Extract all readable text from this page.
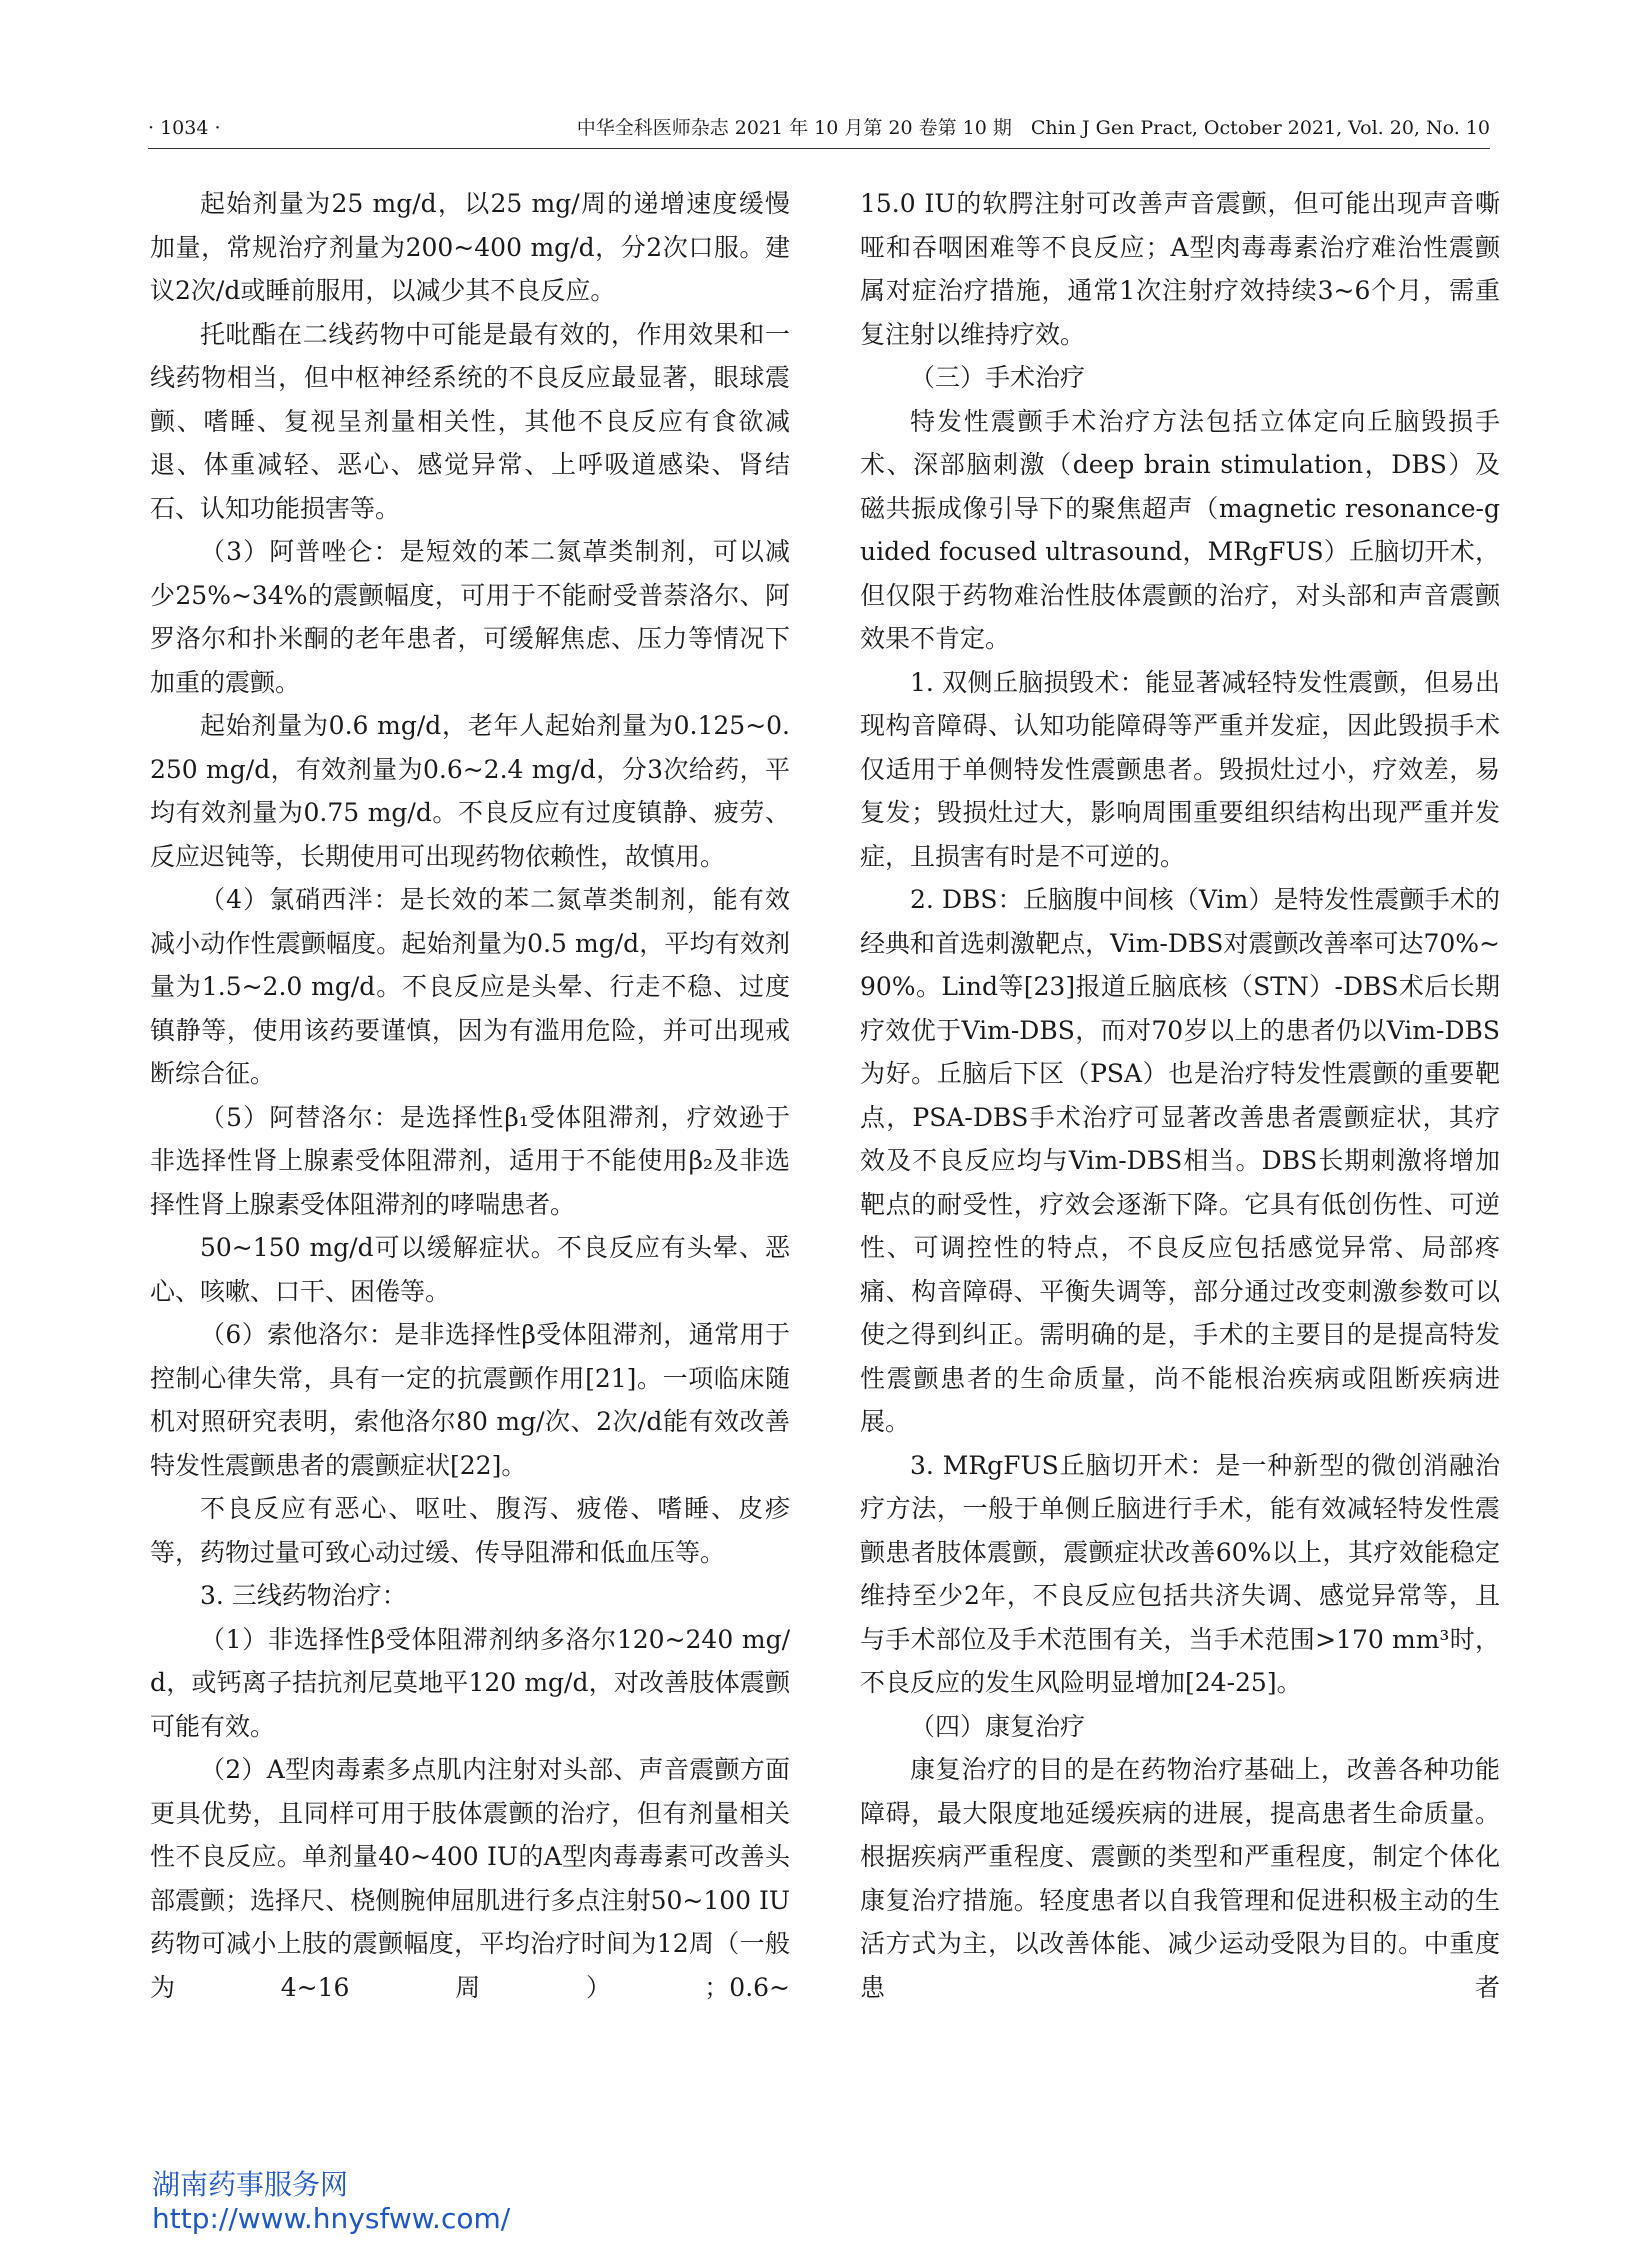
· 1034 ·	中华全科医师杂志 2021 年 10 月第 20 卷第 10 期　Chin J Gen Pract, October 2021, Vol. 20, No. 10

起始剂量为25 mg/d，以25 mg/周的递增速度缓慢加量，常规治疗剂量为200~400 mg/d，分2次口服。建议2次/d或睡前服用，以减少其不良反应。

托吡酯在二线药物中可能是最有效的，作用效果和一线药物相当，但中枢神经系统的不良反应最显著，眼球震颤、嗜睡、复视呈剂量相关性，其他不良反应有食欲减退、体重减轻、恶心、感觉异常、上呼吸道感染、肾结石、认知功能损害等。

（3）阿普唑仑：是短效的苯二氮䓬类制剂，可以减少25%~34%的震颤幅度，可用于不能耐受普萘洛尔、阿罗洛尔和扑米酮的老年患者，可缓解焦虑、压力等情况下加重的震颤。

起始剂量为0.6 mg/d，老年人起始剂量为0.125~0.250 mg/d，有效剂量为0.6~2.4 mg/d，分3次给药，平均有效剂量为0.75 mg/d。不良反应有过度镇静、疲劳、反应迟钝等，长期使用可出现药物依赖性，故慎用。

（4）氯硝西泮：是长效的苯二氮䓬类制剂，能有效减小动作性震颤幅度。起始剂量为0.5 mg/d，平均有效剂量为1.5~2.0 mg/d。不良反应是头晕、行走不稳、过度镇静等，使用该药要谨慎，因为有滥用危险，并可出现戒断综合征。

（5）阿替洛尔：是选择性β₁受体阻滞剂，疗效逊于非选择性肾上腺素受体阻滞剂，适用于不能使用β₂及非选择性肾上腺素受体阻滞剂的哮喘患者。

50~150 mg/d可以缓解症状。不良反应有头晕、恶心、咳嗽、口干、困倦等。

（6）索他洛尔：是非选择性β受体阻滞剂，通常用于控制心律失常，具有一定的抗震颤作用[21]。一项临床随机对照研究表明，索他洛尔80 mg/次、2次/d能有效改善特发性震颤患者的震颤症状[22]。

不良反应有恶心、呕吐、腹泻、疲倦、嗜睡、皮疹等，药物过量可致心动过缓、传导阻滞和低血压等。

3. 三线药物治疗：

（1）非选择性β受体阻滞剂纳多洛尔120~240 mg/d，或钙离子拮抗剂尼莫地平120 mg/d，对改善肢体震颤可能有效。

（2）A型肉毒素多点肌内注射对头部、声音震颤方面更具优势，且同样可用于肢体震颤的治疗，但有剂量相关性不良反应。单剂量40~400 IU的A型肉毒毒素可改善头部震颤；选择尺、桡侧腕伸屈肌进行多点注射50~100 IU药物可减小上肢的震颤幅度，平均治疗时间为12周（一般为4~16周）；0.6~

15.0 IU的软腭注射可改善声音震颤，但可能出现声音嘶哑和吞咽困难等不良反应；A型肉毒毒素治疗难治性震颤属对症治疗措施，通常1次注射疗效持续3~6个月，需重复注射以维持疗效。

（三）手术治疗

特发性震颤手术治疗方法包括立体定向丘脑毁损手术、深部脑刺激（deep brain stimulation，DBS）及磁共振成像引导下的聚焦超声（magnetic resonance-guided focused ultrasound，MRgFUS）丘脑切开术，但仅限于药物难治性肢体震颤的治疗，对头部和声音震颤效果不肯定。

1. 双侧丘脑损毁术：能显著减轻特发性震颤，但易出现构音障碍、认知功能障碍等严重并发症，因此毁损手术仅适用于单侧特发性震颤患者。毁损灶过小，疗效差，易复发；毁损灶过大，影响周围重要组织结构出现严重并发症，且损害有时是不可逆的。

2. DBS：丘脑腹中间核（Vim）是特发性震颤手术的经典和首选刺激靶点，Vim-DBS对震颤改善率可达70%~90%。Lind等[23]报道丘脑底核（STN）-DBS术后长期疗效优于Vim-DBS，而对70岁以上的患者仍以Vim-DBS为好。丘脑后下区（PSA）也是治疗特发性震颤的重要靶点，PSA-DBS手术治疗可显著改善患者震颤症状，其疗效及不良反应均与Vim-DBS相当。DBS长期刺激将增加靶点的耐受性，疗效会逐渐下降。它具有低创伤性、可逆性、可调控性的特点，不良反应包括感觉异常、局部疼痛、构音障碍、平衡失调等，部分通过改变刺激参数可以使之得到纠正。需明确的是，手术的主要目的是提高特发性震颤患者的生命质量，尚不能根治疾病或阻断疾病进展。

3. MRgFUS丘脑切开术：是一种新型的微创消融治疗方法，一般于单侧丘脑进行手术，能有效减轻特发性震颤患者肢体震颤，震颤症状改善60%以上，其疗效能稳定维持至少2年，不良反应包括共济失调、感觉异常等，且与手术部位及手术范围有关，当手术范围>170 mm³时，不良反应的发生风险明显增加[24-25]。

（四）康复治疗

康复治疗的目的是在药物治疗基础上，改善各种功能障碍，最大限度地延缓疾病的进展，提高患者生命质量。根据疾病严重程度、震颤的类型和严重程度，制定个体化康复治疗措施。轻度患者以自我管理和促进积极主动的生活方式为主，以改善体能、减少运动受限为目的。中重度患者

湖南药事服务网
http://www.hnysfww.com/
